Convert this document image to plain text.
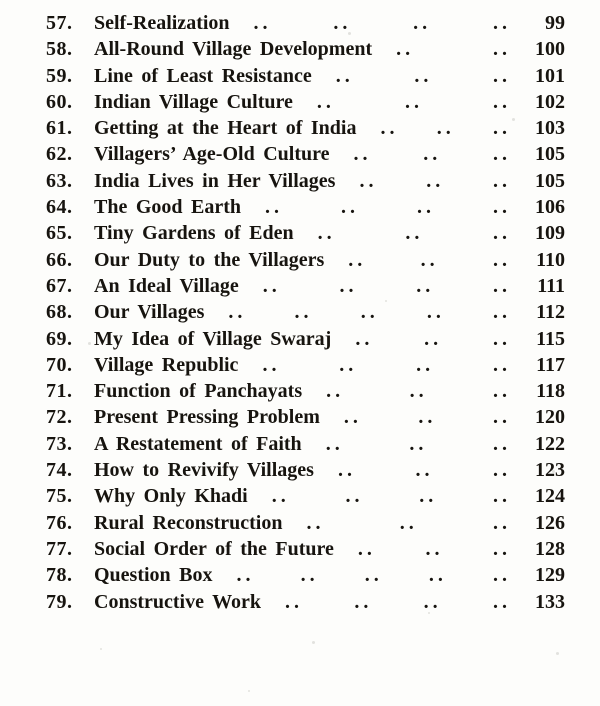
57.	Self-Realization ..	..	..	..	99
58.	All-Round Village Development ..	..	100
59.	Line of Least Resistance ..	..	..	101
60.	Indian Village Culture ..	..	..	102
61.	Getting at the Heart of India .. .. ..	103
62.	Villagers’ Age-Old Culture ..	..	..	105
63.	India Lives in Her Villages .. .. ..	105
64.	The Good Earth ..	..	..	..	106
65.	Tiny Gardens of Eden ..	..	..	109
66.	Our Duty to the Villagers ..	..	..	110
67.	An Ideal Village ..	..	..	..	111
68.	Our Villages .. .. .. .. ..	112
69.	My Idea of Village Swaraj ..	..	..	115
70.	Village Republic ..	..	..	..	117
71.	Function of Panchayats ..	..	..	118
72.	Present Pressing Problem ..	..	..	120
73.	A Restatement of Faith ..	..	..	122
74.	How to Revivify Villages ..	..	..	123
75.	Why Only Khadi ..	..	..	..	124
76.	Rural Reconstruction ..	..	..	126
77.	Social Order of the Future .. .. ..	128
78.	Question Box .. .. .. .. ..	129
79.	Constructive Work ..	..	..	..	133
